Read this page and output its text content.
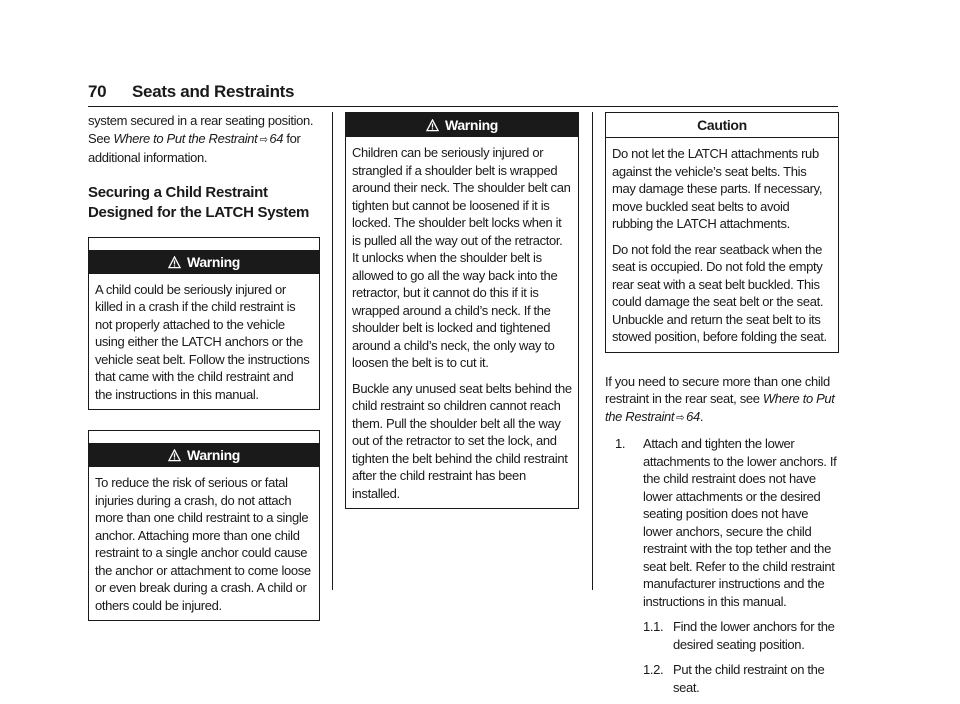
70 Seats and Restraints

system secured in a rear seating position. See Where to Put the Restraint ⇨ 64 for additional information.

Securing a Child Restraint Designed for the LATCH System
Warning

A child could be seriously injured or killed in a crash if the child restraint is not properly attached to the vehicle using either the LATCH anchors or the vehicle seat belt. Follow the instructions that came with the child restraint and the instructions in this manual.

Warning

To reduce the risk of serious or fatal injuries during a crash, do not attach more than one child restraint to a single anchor. Attaching more than one child restraint to a single anchor could cause the anchor or attachment to come loose or even break during a crash. A child or others could be injured.

Warning

Children can be seriously injured or strangled if a shoulder belt is wrapped around their neck. The shoulder belt can tighten but cannot be loosened if it is locked. The shoulder belt locks when it is pulled all the way out of the retractor. It unlocks when the shoulder belt is allowed to go all the way back into the retractor, but it cannot do this if it is wrapped around a child’s neck. If the shoulder belt is locked and tightened around a child’s neck, the only way to loosen the belt is to cut it.

Buckle any unused seat belts behind the child restraint so children cannot reach them. Pull the shoulder belt all the way out of the retractor to set the lock, and tighten the belt behind the child restraint after the child restraint has been installed.

Caution

Do not let the LATCH attachments rub against the vehicle’s seat belts. This may damage these parts. If necessary, move buckled seat belts to avoid rubbing the LATCH attachments.

Do not fold the rear seatback when the seat is occupied. Do not fold the empty rear seat with a seat belt buckled. This could damage the seat belt or the seat. Unbuckle and return the seat belt to its stowed position, before folding the seat.

If you need to secure more than one child restraint in the rear seat, see Where to Put the Restraint ⇨ 64.

1.	Attach and tighten the lower attachments to the lower anchors. If the child restraint does not have lower attachments or the desired seating position does not have lower anchors, secure the child restraint with the top tether and the seat belt. Refer to the child restraint manufacturer instructions and the instructions in this manual.
1.1. Find the lower anchors for the desired seating position.
1.2. Put the child restraint on the seat.
